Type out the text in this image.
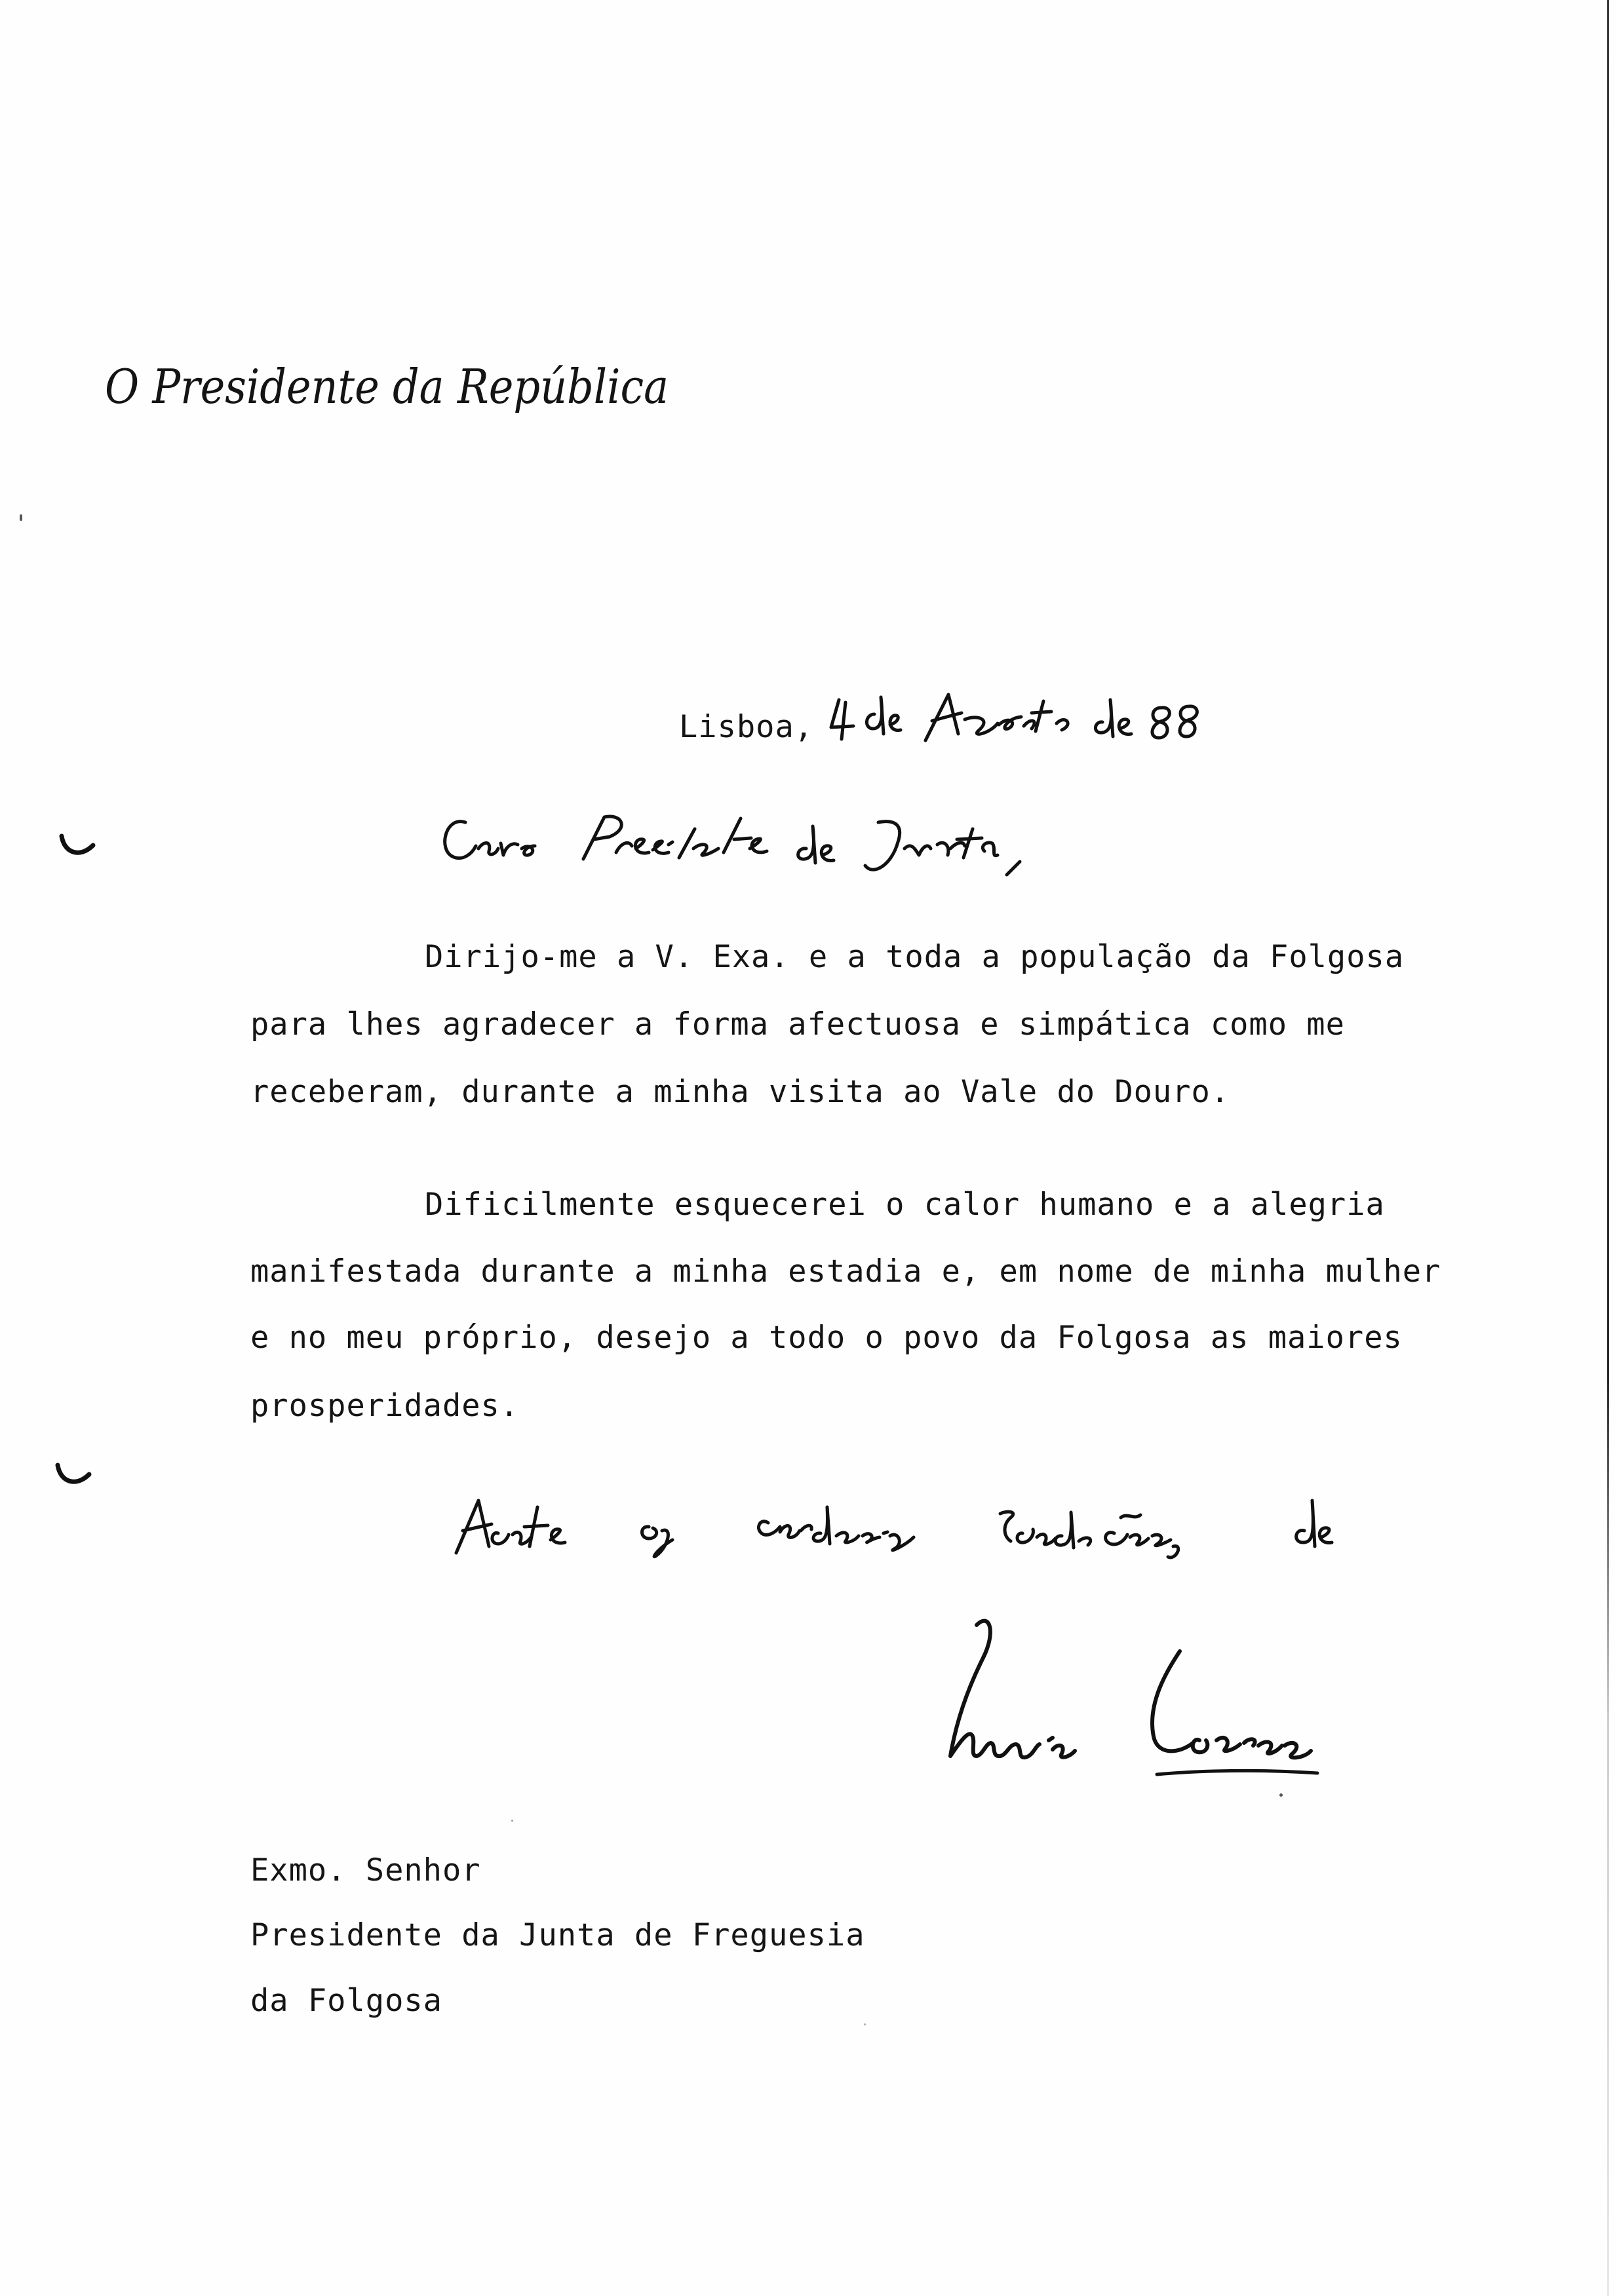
O Presidente da República
Lisboa,
Dirijo-me a V. Exa. e a toda a população da Folgosa
para lhes agradecer a forma afectuosa e simpática como me
receberam, durante a minha visita ao Vale do Douro.
Dificilmente esquecerei o calor humano e a alegria
manifestada durante a minha estadia e, em nome de minha mulher
e no meu próprio, desejo a todo o povo da Folgosa as maiores
prosperidades.
Exmo. Senhor
Presidente da Junta de Freguesia
da Folgosa
